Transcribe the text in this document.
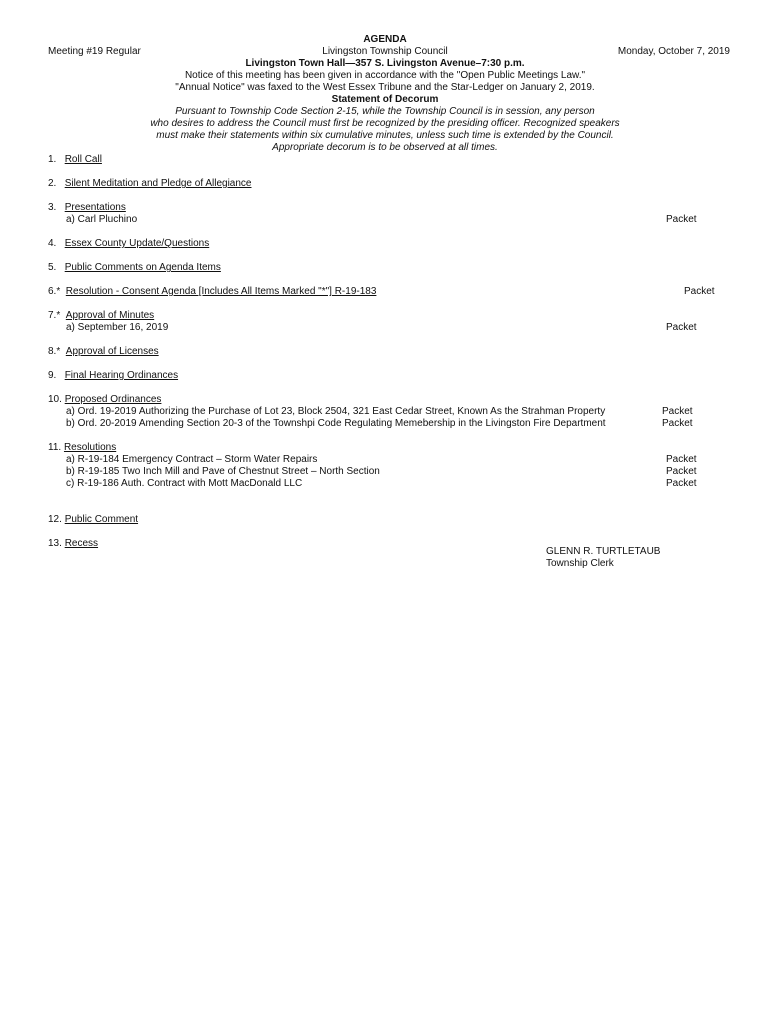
AGENDA
Livingston Township Council
Livingston Town Hall—357 S. Livingston Avenue–7:30 p.m.
Notice of this meeting has been given in accordance with the "Open Public Meetings Law."
"Annual Notice" was faxed to the West Essex Tribune and the Star-Ledger on January 2, 2019.
Statement of Decorum
Pursuant to Township Code Section 2-15, while the Township Council is in session, any person
who desires to address the Council must first be recognized by the presiding officer. Recognized speakers
must make their statements within six cumulative minutes, unless such time is extended by the Council.
Appropriate decorum is to be observed at all times.
Meeting #19 Regular	Monday, October 7, 2019
1. Roll Call
2. Silent Meditation and Pledge of Allegiance
3. Presentations
a) Carl Pluchino	Packet
4. Essex County Update/Questions
5. Public Comments on Agenda Items
6.* Resolution - Consent Agenda [Includes All Items Marked "*"] R-19-183	Packet
7.* Approval of Minutes
a) September 16, 2019	Packet
8.* Approval of Licenses
9. Final Hearing Ordinances
10. Proposed Ordinances
a) Ord. 19-2019 Authorizing the Purchase of Lot 23, Block 2504, 321 East Cedar Street, Known As the Strahman Property	Packet
b) Ord. 20-2019 Amending Section 20-3 of the Townshpi Code Regulating Memebership in the Livingston Fire Department	Packet
11. Resolutions
a) R-19-184 Emergency Contract – Storm Water Repairs	Packet
b) R-19-185 Two Inch Mill and Pave of Chestnut Street – North Section	Packet
c) R-19-186 Auth. Contract with Mott MacDonald LLC	Packet
12. Public Comment
13. Recess
GLENN R. TURTLETAUB
Township Clerk
